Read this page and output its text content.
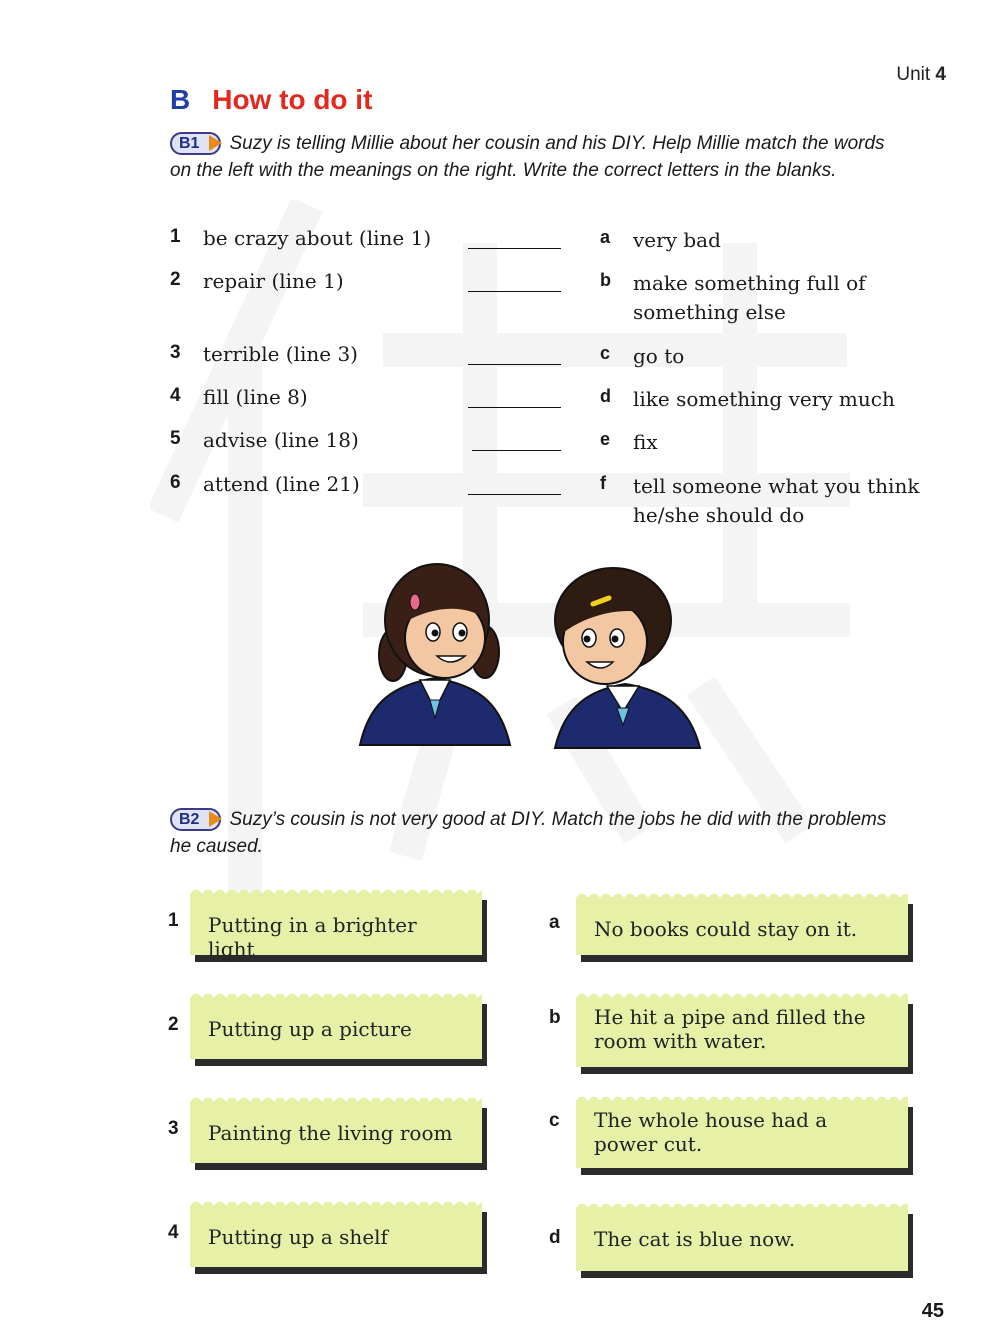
Unit 4
B How to do it
B1 Suzy is telling Millie about her cousin and his DIY. Help Millie match the words on the left with the meanings on the right. Write the correct letters in the blanks.
1 be crazy about (line 1)	a very bad
2 repair (line 1)	b make something full of something else
3 terrible (line 3)	c go to
4 fill (line 8)	d like something very much
5 advise (line 18)	e fix
6 attend (line 21)	f tell someone what you think he/she should do
B2 Suzy’s cousin is not very good at DIY. Match the jobs he did with the problems he caused.
1	Putting in a brighter light
2	Putting up a picture
3	Painting the living room
4	Putting up a shelf
a	No books could stay on it.
b	He hit a pipe and filled the room with water.
c	The whole house had a power cut.
d	The cat is blue now.
45
